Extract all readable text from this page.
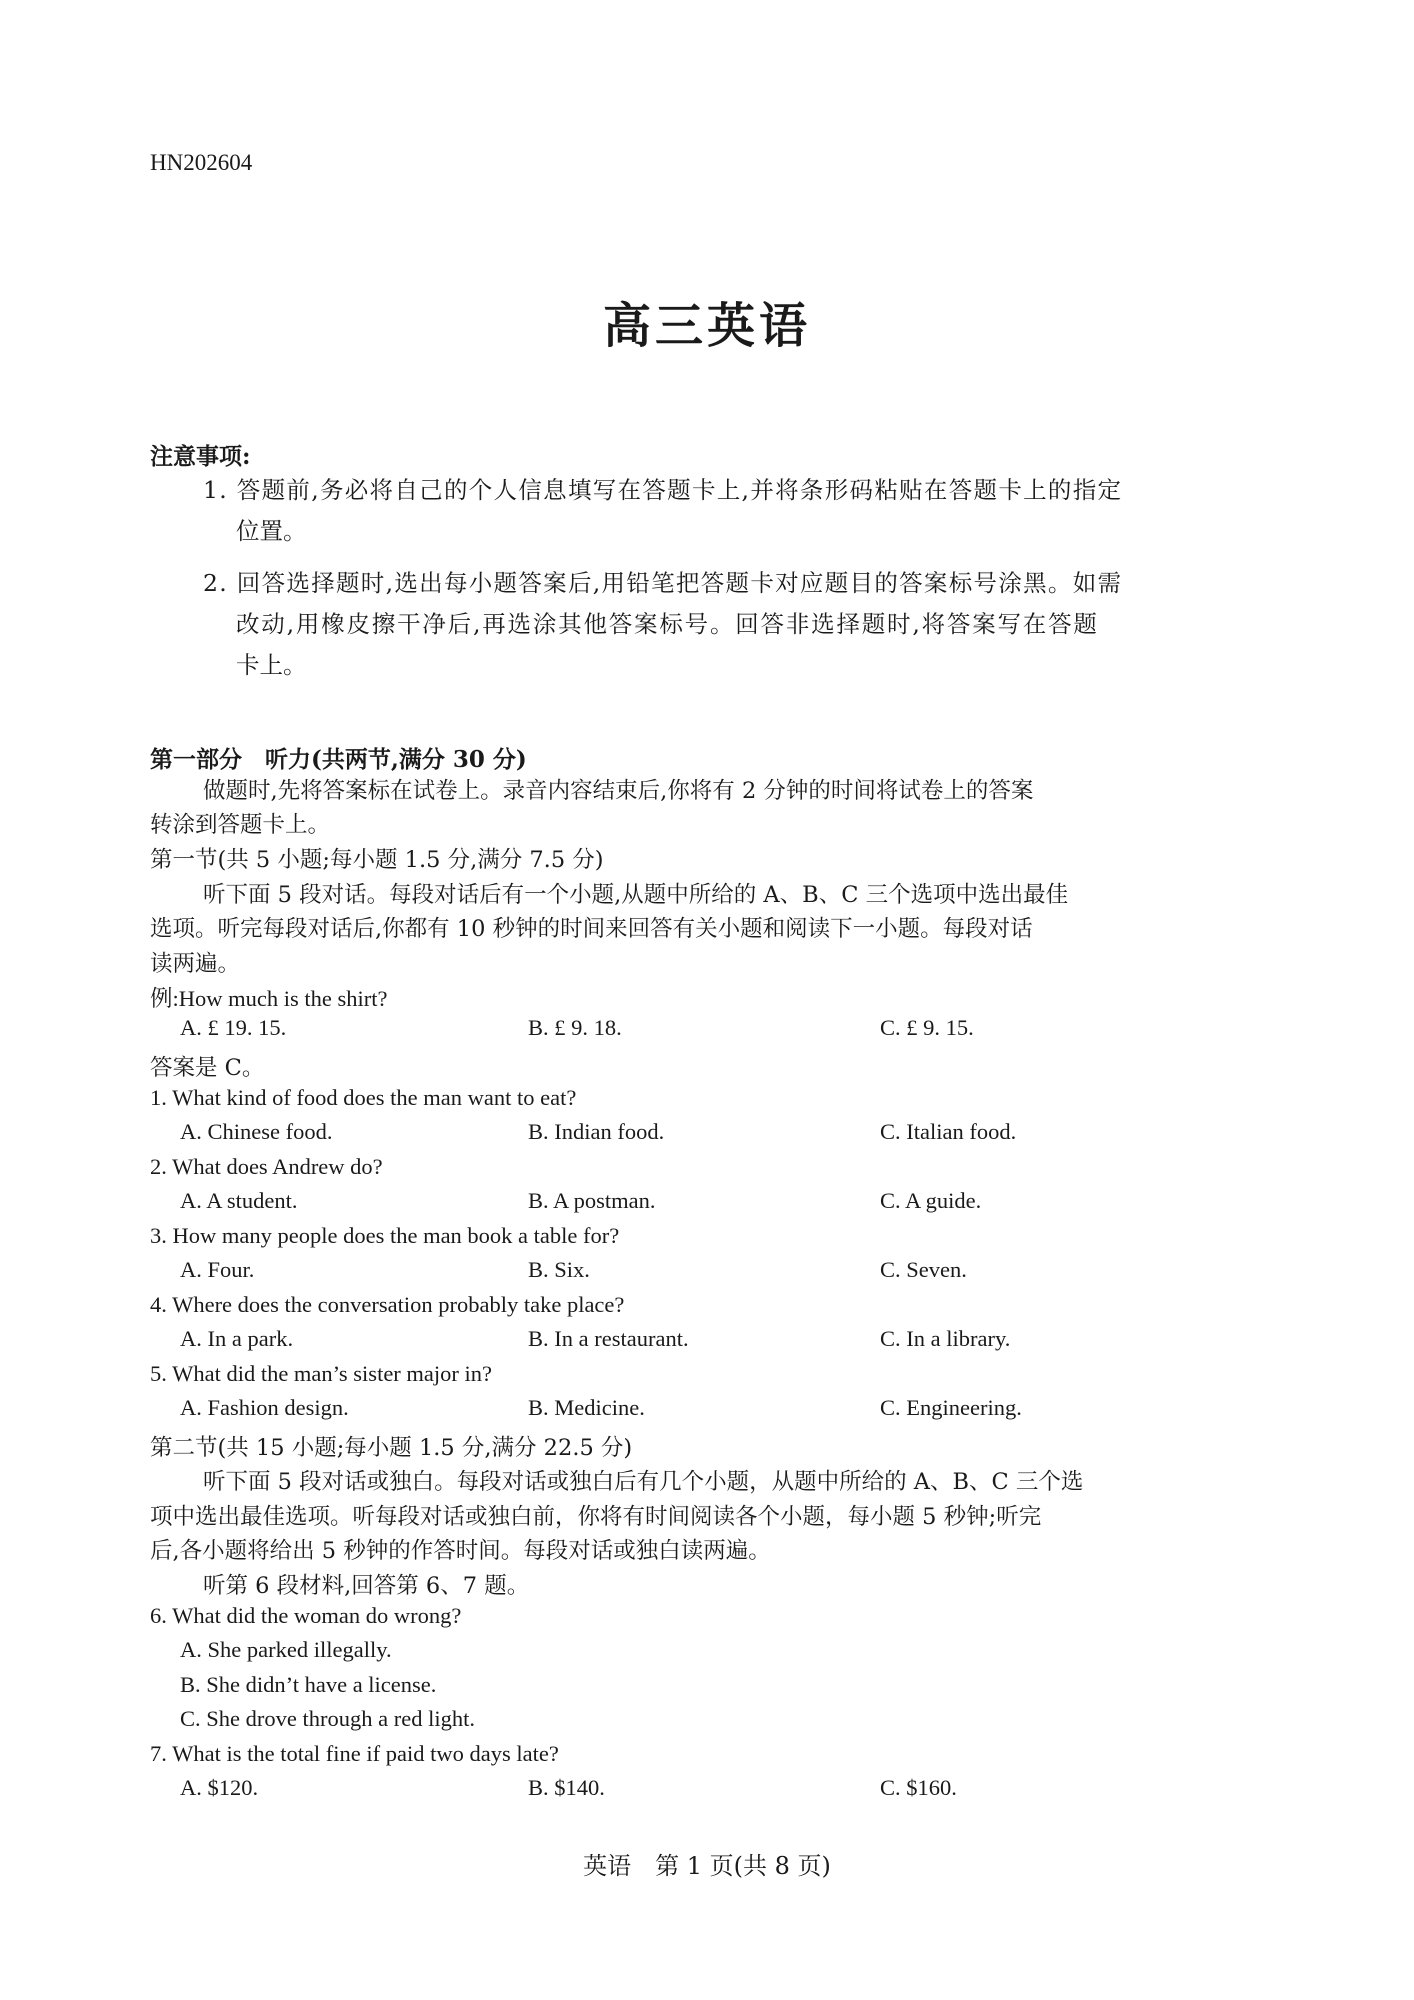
HN202604
高三英语
注意事项:
1. 答题前,务必将自己的个人信息填写在答题卡上,并将条形码粘贴在答题卡上的指定
位置。
2. 回答选择题时,选出每小题答案后,用铅笔把答题卡对应题目的答案标号涂黑。如需
改动,用橡皮擦干净后,再选涂其他答案标号。回答非选择题时,将答案写在答题
卡上。
第一部分　听力(共两节,满分 30 分)
做题时,先将答案标在试卷上。录音内容结束后,你将有 2 分钟的时间将试卷上的答案
转涂到答题卡上。
第一节(共 5 小题;每小题 1.5 分,满分 7.5 分)
听下面 5 段对话。每段对话后有一个小题,从题中所给的 A、B、C 三个选项中选出最佳
选项。听完每段对话后,你都有 10 秒钟的时间来回答有关小题和阅读下一小题。每段对话
读两遍。
例:How much is the shirt?
A. £ 19. 15.	B. £ 9. 18.	C. £ 9. 15.
答案是 C。
1. What kind of food does the man want to eat?
A. Chinese food.	B. Indian food.	C. Italian food.
2. What does Andrew do?
A. A student.	B. A postman.	C. A guide.
3. How many people does the man book a table for?
A. Four.	B. Six.	C. Seven.
4. Where does the conversation probably take place?
A. In a park.	B. In a restaurant.	C. In a library.
5. What did the man’s sister major in?
A. Fashion design.	B. Medicine.	C. Engineering.
第二节(共 15 小题;每小题 1.5 分,满分 22.5 分)
听下面 5 段对话或独白。每段对话或独白后有几个小题，从题中所给的 A、B、C 三个选
项中选出最佳选项。听每段对话或独白前，你将有时间阅读各个小题，每小题 5 秒钟;听完
后,各小题将给出 5 秒钟的作答时间。每段对话或独白读两遍。
听第 6 段材料,回答第 6、7 题。
6. What did the woman do wrong?
A. She parked illegally.
B. She didn’t have a license.
C. She drove through a red light.
7. What is the total fine if paid two days late?
A. $120.	B. $140.	C. $160.
英语　第 1 页(共 8 页)
